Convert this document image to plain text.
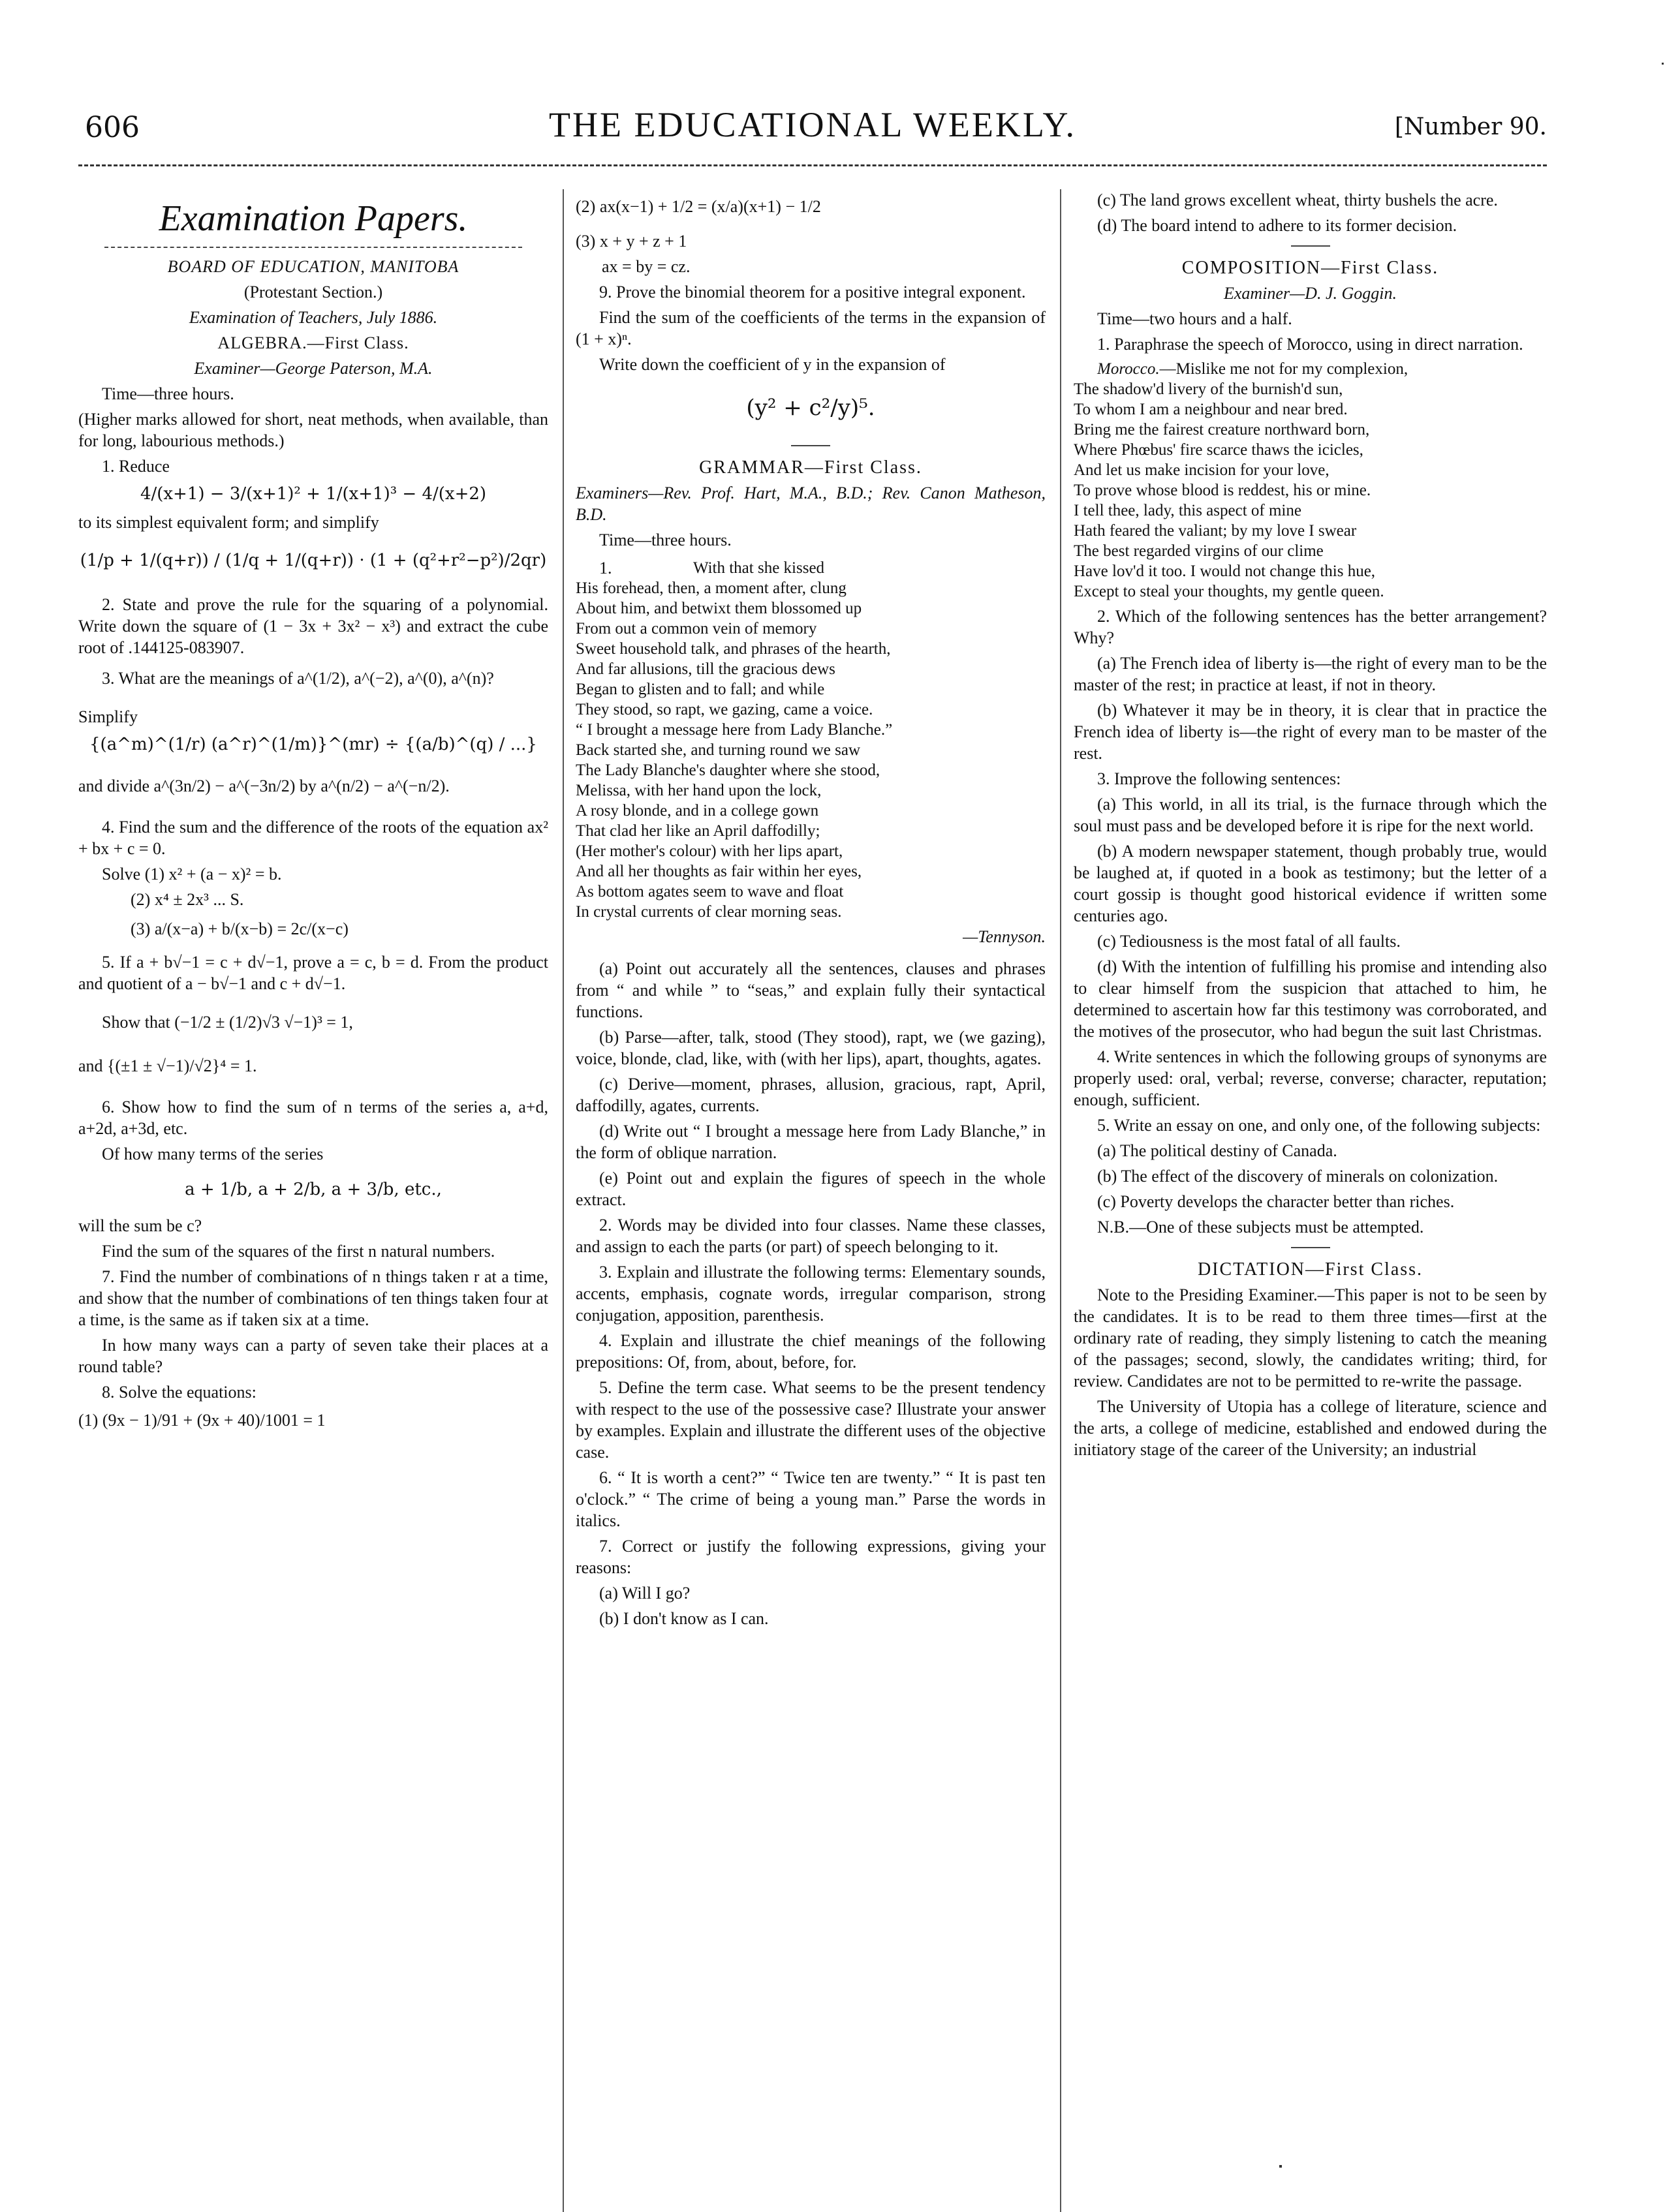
THE EDUCATIONAL WEEKLY.
606	[Number 90.
Examination Papers.

BOARD OF EDUCATION, MANITOBA

(Protestant Section.)

Examination of Teachers, July 1886.

ALGEBRA.—First Class.

Examiner—George Paterson, M.A.

Time—three hours.

(Higher marks allowed for short, neat methods, when available, than for long, labourious methods.)

1. Reduce

4/(x+1) − 3/(x+1)² + 1/(x+1)³ − 4/(x+2)

to its simplest equivalent form; and simplify

(1/p + 1/(q+r)) / (1/q + 1/(q+r)) · (1 + (q²+r²−p²)/2qr)

2. State and prove the rule for the squaring of a polynomial. Write down the square of (1 − 3x + 3x² − x³) and extract the cube root of .144125-083907.

3. What are the meanings of a^(1/2), a^(−2), a^(0), a^(n)?

Simplify

{(a^m)^(1/r) (a^r)^(1/m)}^(mr) ÷ {(a/b)^(q) / ...}

and divide a^(3n/2) − a^(−3n/2) by a^(n/2) − a^(−n/2).

4. Find the sum and the difference of the roots of the equation ax² + bx + c = 0.

Solve (1) x² + (a − x)² = b.

(2) x⁴ ± 2x³ ... S.

(3) a/(x−a) + b/(x−b) = 2c/(x−c)

5. If a + b√−1 = c + d√−1, prove a = c, b = d. From the product and quotient of a − b√−1 and c + d√−1.

Show that (−1/2 ± (1/2)√3 √−1)³ = 1,

and {(±1 ± √−1)/√2}⁴ = 1.

6. Show how to find the sum of n terms of the series a, a+d, a+2d, a+3d, etc.

Of how many terms of the series

a + 1/b, a + 2/b, a + 3/b, etc.,

will the sum be c?

Find the sum of the squares of the first n natural numbers.

7. Find the number of combinations of n things taken r at a time, and show that the number of combinations of ten things taken four at a time, is the same as if taken six at a time.

In how many ways can a party of seven take their places at a round table?

8. Solve the equations:

(1) (9x − 1)/91 + (9x + 40)/1001 = 1

(2) ax(x−1) + 1/2 = (x/a)(x+1) − 1/2

(3) x + y + z + 1

ax = by = cz.

9. Prove the binomial theorem for a positive integral exponent.

Find the sum of the coefficients of the terms in the expansion of (1 + x)ⁿ.

Write down the coefficient of y in the expansion of

(y² + c²/y)⁵.

GRAMMAR—First Class.

Examiners—Rev. Prof. Hart, M.A., B.D.; Rev. Canon Matheson, B.D.

Time—three hours.

1.	With that she kissed
His forehead, then, a moment after, clung
About him, and betwixt them blossomed up
From out a common vein of memory
Sweet household talk, and phrases of the hearth,
And far allusions, till the gracious dews
Began to glisten and to fall; and while
They stood, so rapt, we gazing, came a voice.
“ I brought a message here from Lady Blanche.”
Back started she, and turning round we saw
The Lady Blanche's daughter where she stood,
Melissa, with her hand upon the lock,
A rosy blonde, and in a college gown
That clad her like an April daffodilly;
(Her mother's colour) with her lips apart,
And all her thoughts as fair within her eyes,
As bottom agates seem to wave and float
In crystal currents of clear morning seas.

—Tennyson.

(a) Point out accurately all the sentences, clauses and phrases from “ and while ” to “seas,” and explain fully their syntactical functions.

(b) Parse—after, talk, stood (They stood), rapt, we (we gazing), voice, blonde, clad, like, with (with her lips), apart, thoughts, agates.

(c) Derive—moment, phrases, allusion, gracious, rapt, April, daffodilly, agates, currents.

(d) Write out “ I brought a message here from Lady Blanche,” in the form of oblique narration.

(e) Point out and explain the figures of speech in the whole extract.

2. Words may be divided into four classes. Name these classes, and assign to each the parts (or part) of speech belonging to it.

3. Explain and illustrate the following terms: Elementary sounds, accents, emphasis, cognate words, irregular comparison, strong conjugation, apposition, parenthesis.

4. Explain and illustrate the chief meanings of the following prepositions: Of, from, about, before, for.

5. Define the term case. What seems to be the present tendency with respect to the use of the possessive case? Illustrate your answer by examples. Explain and illustrate the different uses of the objective case.

6. “ It is worth a cent?” “ Twice ten are twenty.” “ It is past ten o'clock.” “ The crime of being a young man.” Parse the words in italics.

7. Correct or justify the following expressions, giving your reasons:

(a) Will I go?

(b) I don't know as I can.

(c) The land grows excellent wheat, thirty bushels the acre.

(d) The board intend to adhere to its former decision.

COMPOSITION—First Class.

Examiner—D. J. Goggin.

Time—two hours and a half.

1. Paraphrase the speech of Morocco, using in direct narration.

Morocco.—Mislike me not for my complexion,
The shadow'd livery of the burnish'd sun,
To whom I am a neighbour and near bred.
Bring me the fairest creature northward born,
Where Phœbus' fire scarce thaws the icicles,
And let us make incision for your love,
To prove whose blood is reddest, his or mine.
I tell thee, lady, this aspect of mine
Hath feared the valiant; by my love I swear
The best regarded virgins of our clime
Have lov'd it too. I would not change this hue,
Except to steal your thoughts, my gentle queen.

2. Which of the following sentences has the better arrangement? Why?

(a) The French idea of liberty is—the right of every man to be the master of the rest; in practice at least, if not in theory.

(b) Whatever it may be in theory, it is clear that in practice the French idea of liberty is—the right of every man to be master of the rest.

3. Improve the following sentences:

(a) This world, in all its trial, is the furnace through which the soul must pass and be developed before it is ripe for the next world.

(b) A modern newspaper statement, though probably true, would be laughed at, if quoted in a book as testimony; but the letter of a court gossip is thought good historical evidence if written some centuries ago.

(c) Tediousness is the most fatal of all faults.

(d) With the intention of fulfilling his promise and intending also to clear himself from the suspicion that attached to him, he determined to ascertain how far this testimony was corroborated, and the motives of the prosecutor, who had begun the suit last Christmas.

4. Write sentences in which the following groups of synonyms are properly used: oral, verbal; reverse, converse; character, reputation; enough, sufficient.

5. Write an essay on one, and only one, of the following subjects:

(a) The political destiny of Canada.

(b) The effect of the discovery of minerals on colonization.

(c) Poverty develops the character better than riches.

N.B.—One of these subjects must be attempted.

DICTATION—First Class.

Note to the Presiding Examiner.—This paper is not to be seen by the candidates. It is to be read to them three times—first at the ordinary rate of reading, they simply listening to catch the meaning of the passages; second, slowly, the candidates writing; third, for review. Candidates are not to be permitted to re-write the passage.

The University of Utopia has a college of literature, science and the arts, a college of medicine, established and endowed during the initiatory stage of the career of the University; an industrial
